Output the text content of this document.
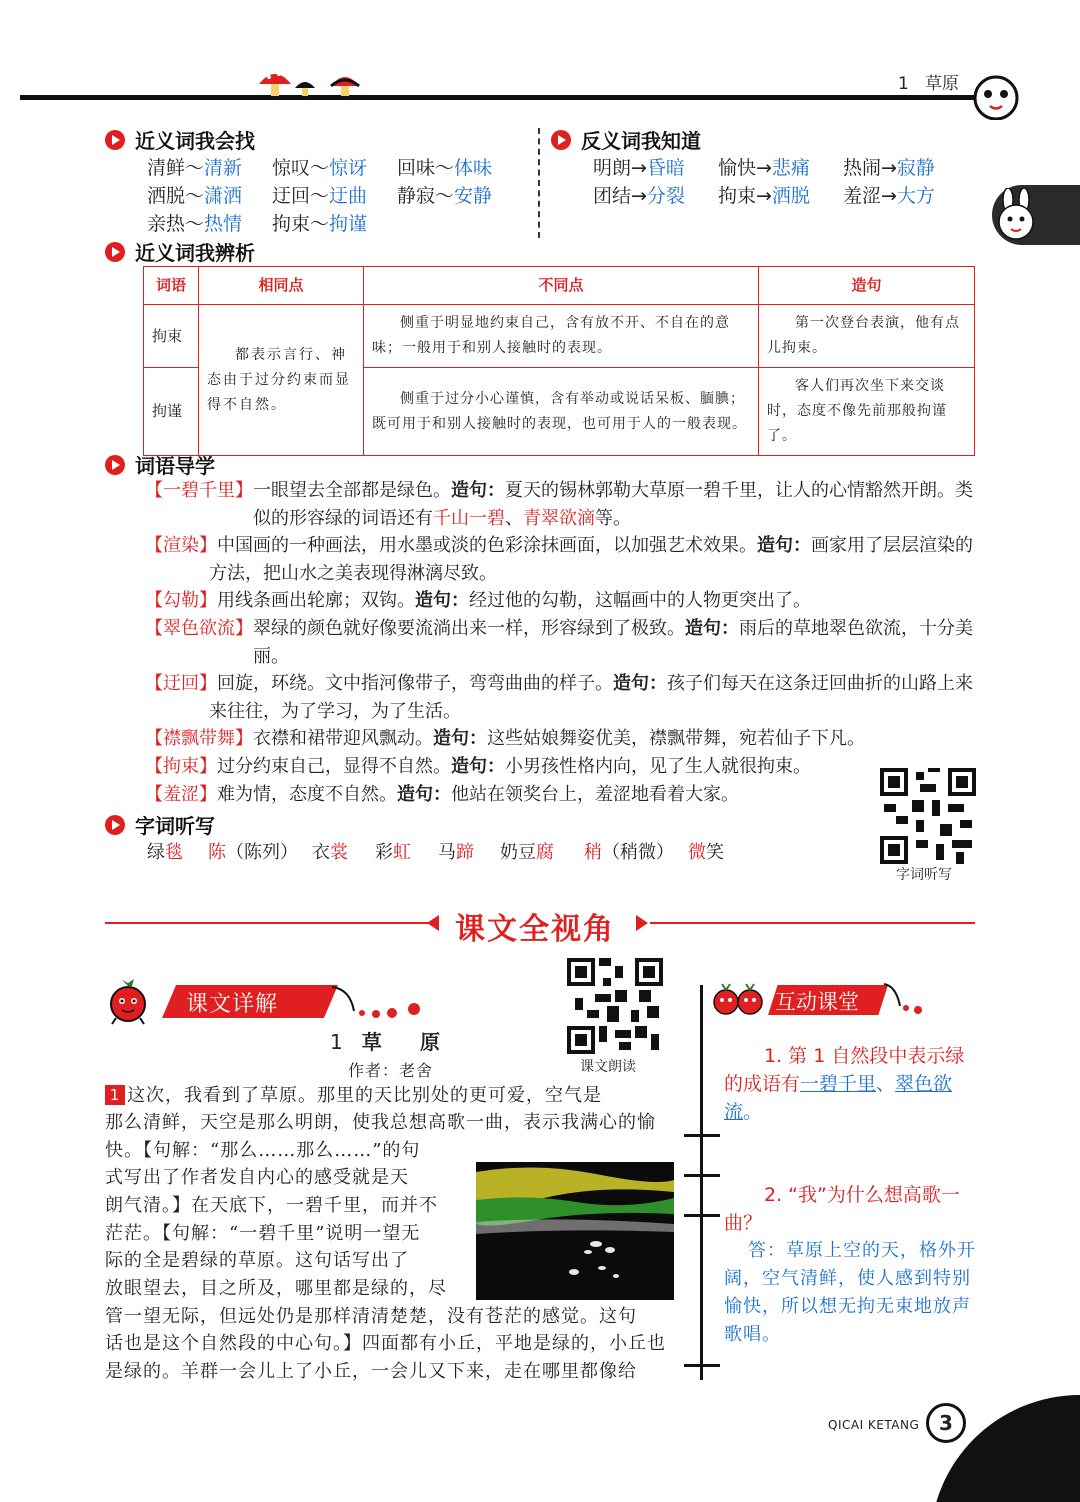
1 草原
近义词我会找
清鲜～清新 惊叹～惊讶 回味～体味
洒脱～潇洒 迂回～迂曲 静寂～安静
亲热～热情 拘束～拘谨
反义词我知道
明朗→昏暗 愉快→悲痛 热闹→寂静
团结→分裂 拘束→洒脱 羞涩→大方
近义词我辨析
词语	相同点	不同点	造句
拘束	都表示言行、神态由于过分约束而显得不自然。	侧重于明显地约束自己，含有放不开、不自在的意味；一般用于和别人接触时的表现。	第一次登台表演，他有点儿拘束。
拘谨		侧重于过分小心谨慎，含有举动或说话呆板、腼腆；既可用于和别人接触时的表现，也可用于人的一般表现。	客人们再次坐下来交谈时，态度不像先前那般拘谨了。
词语导学
【一碧千里】一眼望去全部都是绿色。造句：夏天的锡林郭勒大草原一碧千里，让人的心情豁然开朗。类似的形容绿的词语还有千山一碧、青翠欲滴等。
【渲染】中国画的一种画法，用水墨或淡的色彩涂抹画面，以加强艺术效果。造句：画家用了层层渲染的方法，把山水之美表现得淋漓尽致。
【勾勒】用线条画出轮廓；双钩。造句：经过他的勾勒，这幅画中的人物更突出了。
【翠色欲流】翠绿的颜色就好像要流淌出来一样，形容绿到了极致。造句：雨后的草地翠色欲流，十分美丽。
【迂回】回旋，环绕。文中指河像带子，弯弯曲曲的样子。造句：孩子们每天在这条迂回曲折的山路上来来往往，为了学习，为了生活。
【襟飘带舞】衣襟和裙带迎风飘动。造句：这些姑娘舞姿优美，襟飘带舞，宛若仙子下凡。
【拘束】过分约束自己，显得不自然。造句：小男孩性格内向，见了生人就很拘束。
【羞涩】难为情，态度不自然。造句：他站在领奖台上，羞涩地看着大家。
字词听写
字词听写
绿毯 陈（陈列） 衣裳 彩虹 马蹄 奶豆腐 稍（稍微） 微笑
课文全视角
课文详解
1 草 原
作者：老舍	课文朗读
1 这次，我看到了草原。那里的天比别处的更可爱，空气是
那么清鲜，天空是那么明朗，使我总想高歌一曲，表示我满心的愉
快。【句解：“那么……那么……”的句
式写出了作者发自内心的感受就是天
朗气清。】在天底下，一碧千里，而并不
茫茫。【句解：“一碧千里”说明一望无
际的全是碧绿的草原。这句话写出了
放眼望去，目之所及，哪里都是绿的，尽
管一望无际，但远处仍是那样清清楚楚，没有苍茫的感觉。这句
话也是这个自然段的中心句。】四面都有小丘，平地是绿的，小丘也
是绿的。羊群一会儿上了小丘，一会儿又下来，走在哪里都像给
互动课堂
1. 第 1 自然段中表示绿的成语有一碧千里、翠色欲流。
2. “我”为什么想高歌一曲？
答：草原上空的天，格外开阔，空气清鲜，使人感到特别愉快，所以想无拘无束地放声歌唱。
QICAI KETANG 3
